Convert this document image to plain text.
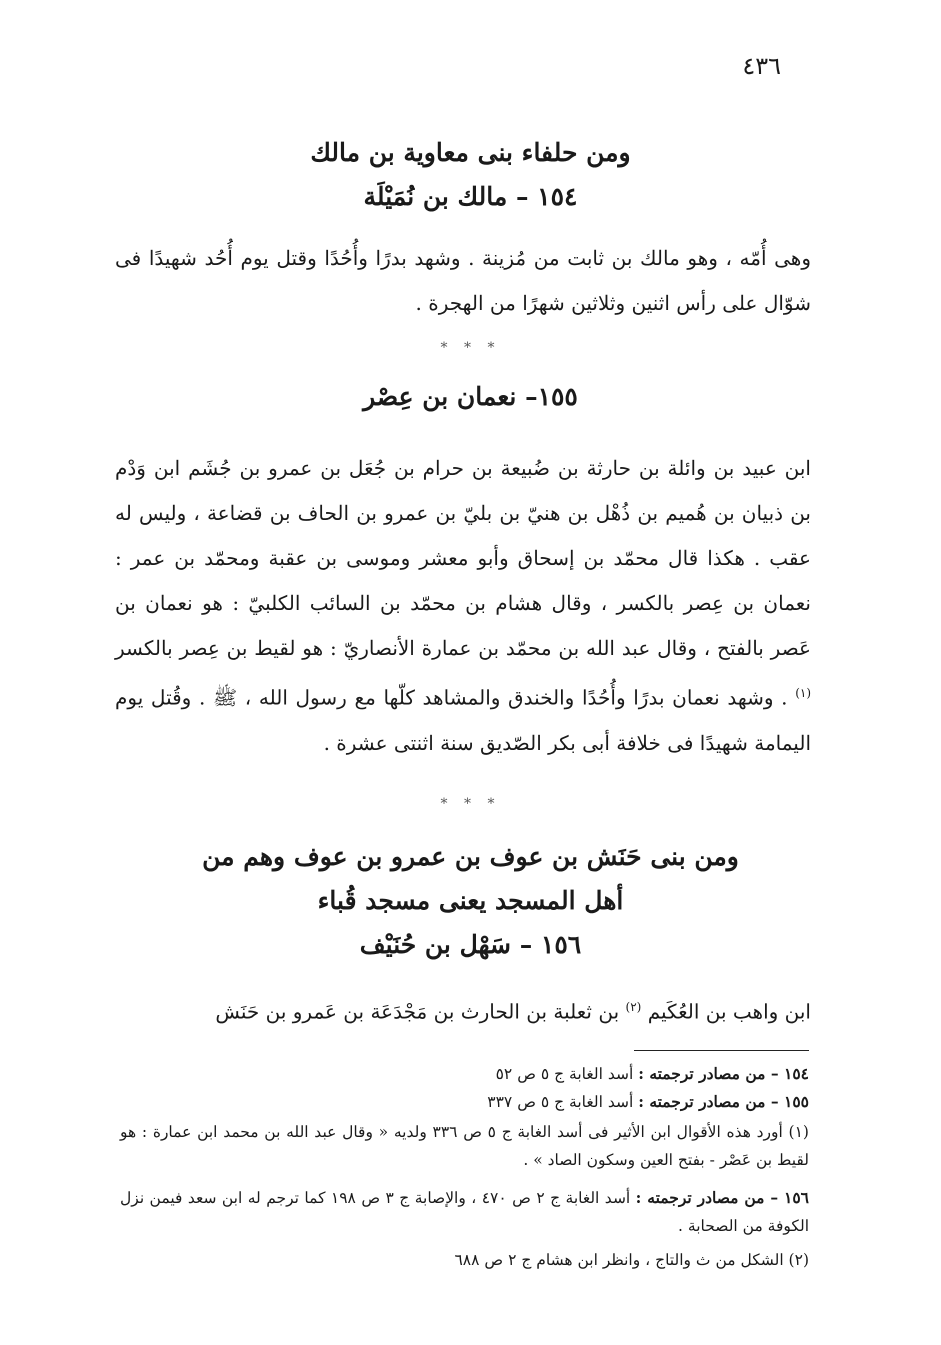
٤٣٦
ومن حلفاء بنى معاوية بن مالك
١٥٤ – مالك بن نُمَيْلَة
وهى أُمّه ، وهو مالك بن ثابت من مُزينة . وشهد بدرًا وأُحُدًا وقتل يوم أُحُد شهيدًا فى شوّال على رأس اثنين وثلاثين شهرًا من الهجرة .
* * *
١٥٥– نعمان بن عِصْر
ابن عبيد بن وائلة بن حارثة بن ضُبيعة بن حرام بن جُعَل بن عمرو بن جُشَم ابن وَدْم بن ذبيان بن هُميم بن ذُهْل بن هنيّ بن بليّ بن عمرو بن الحاف بن قضاعة ، وليس له عقب . هكذا قال محمّد بن إسحاق وأبو معشر وموسى بن عقبة ومحمّد بن عمر : نعمان بن عِصر بالكسر ، وقال هشام بن محمّد بن السائب الكلبيّ : هو نعمان بن عَصر بالفتح ، وقال عبد الله بن محمّد بن عمارة الأنصاريّ : هو لقيط بن عِصر بالكسر $^{(١)}$ . وشهد نعمان بدرًا وأُحُدًا والخندق والمشاهد كلّها مع رسول الله ، ﷺ . وقُتل يوم اليمامة شهيدًا فى خلافة أبى بكر الصّديق سنة اثنتى عشرة .
* * *
ومن بنى حَنَش بن عوف بن عمرو بن عوف وهم من
أهل المسجد يعنى مسجد قُباء
١٥٦ – سَهْل بن حُنَيْف
ابن واهب بن العُكَيم $^{(٢)}$ بن ثعلبة بن الحارث بن مَجْدَعَة بن عَمرو بن حَنَش
١٥٤ – من مصادر ترجمته : أسد الغابة ج ٥ ص ٥٢
١٥٥ – من مصادر ترجمته : أسد الغابة ج ٥ ص ٣٣٧
(١) أورد هذه الأقوال ابن الأثير فى أسد الغابة ج ٥ ص ٣٣٦ ولديه « وقال عبد الله بن محمد ابن عمارة : هو لقيط بن عَصْر - بفتح العين وسكون الصاد » .
١٥٦ – من مصادر ترجمته : أسد الغابة ج ٢ ص ٤٧٠ ، والإصابة ج ٣ ص ١٩٨ كما ترجم له ابن سعد فيمن نزل الكوفة من الصحابة .
(٢) الشكل من ث والتاج ، وانظر ابن هشام ج ٢ ص ٦٨٨
